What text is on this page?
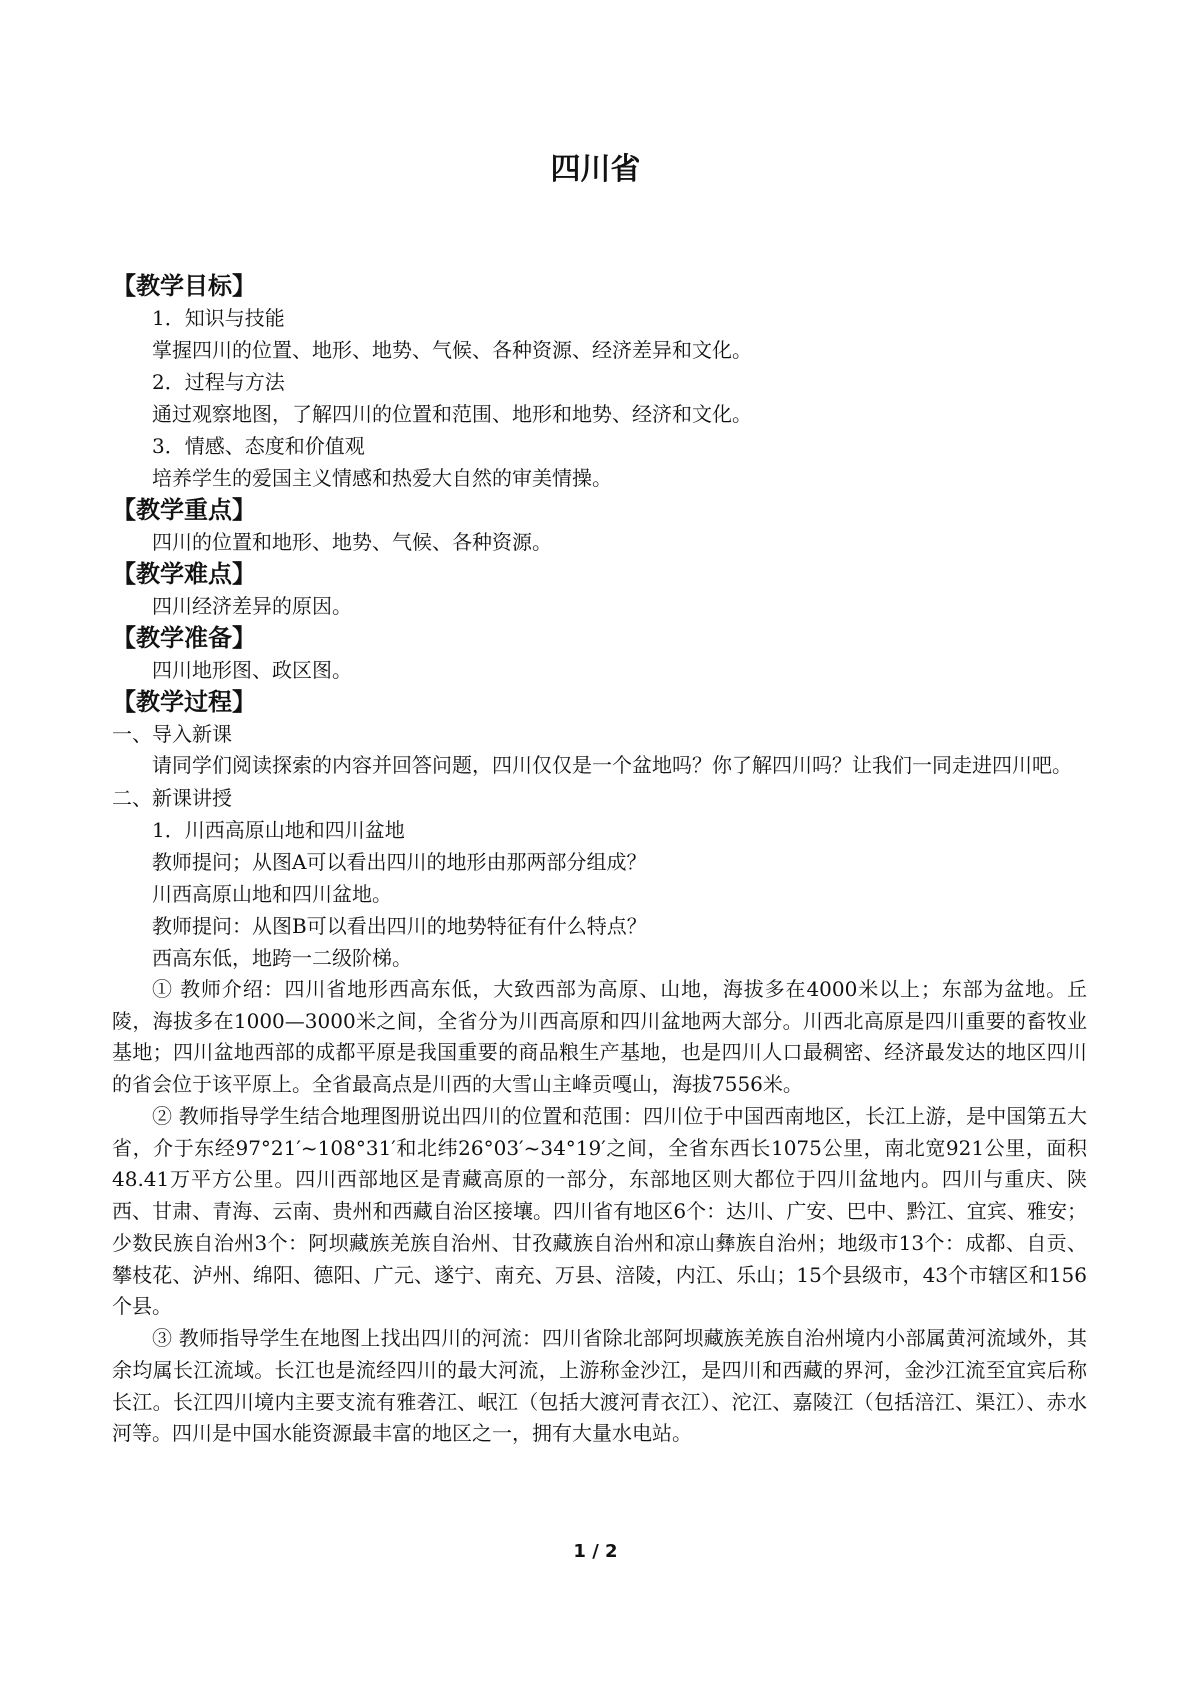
四川省
【教学目标】
1．知识与技能
掌握四川的位置、地形、地势、气候、各种资源、经济差异和文化。
2．过程与方法
通过观察地图，了解四川的位置和范围、地形和地势、经济和文化。
3．情感、态度和价值观
培养学生的爱国主义情感和热爱大自然的审美情操。
【教学重点】
四川的位置和地形、地势、气候、各种资源。
【教学难点】
四川经济差异的原因。
【教学准备】
四川地形图、政区图。
【教学过程】
一、导入新课
请同学们阅读探索的内容并回答问题，四川仅仅是一个盆地吗？你了解四川吗？让我们一同走进四川吧。
二、新课讲授
1．川西高原山地和四川盆地
教师提问；从图A可以看出四川的地形由那两部分组成？
川西高原山地和四川盆地。
教师提问：从图B可以看出四川的地势特征有什么特点？
西高东低，地跨一二级阶梯。
① 教师介绍：四川省地形西高东低，大致西部为高原、山地，海拔多在4000米以上；东部为盆地。丘陵，海拔多在1000—3000米之间，全省分为川西高原和四川盆地两大部分。川西北高原是四川重要的畜牧业基地；四川盆地西部的成都平原是我国重要的商品粮生产基地，也是四川人口最稠密、经济最发达的地区四川的省会位于该平原上。全省最高点是川西的大雪山主峰贡嘎山，海拔7556米。
② 教师指导学生结合地理图册说出四川的位置和范围：四川位于中国西南地区，长江上游，是中国第五大省，介于东经97°21′~108°31′和北纬26°03′~34°19′之间，全省东西长1075公里，南北宽921公里，面积48.41万平方公里。四川西部地区是青藏高原的一部分，东部地区则大都位于四川盆地内。四川与重庆、陕西、甘肃、青海、云南、贵州和西藏自治区接壤。四川省有地区6个：达川、广安、巴中、黔江、宜宾、雅安；少数民族自治州3个：阿坝藏族羌族自治州、甘孜藏族自治州和凉山彝族自治州；地级市13个：成都、自贡、攀枝花、泸州、绵阳、德阳、广元、遂宁、南充、万县、涪陵，内江、乐山；15个县级市，43个市辖区和156个县。
③ 教师指导学生在地图上找出四川的河流：四川省除北部阿坝藏族羌族自治州境内小部属黄河流域外，其余均属长江流域。长江也是流经四川的最大河流，上游称金沙江，是四川和西藏的界河，金沙江流至宜宾后称长江。长江四川境内主要支流有雅砻江、岷江（包括大渡河青衣江）、沱江、嘉陵江（包括涪江、渠江）、赤水河等。四川是中国水能资源最丰富的地区之一，拥有大量水电站。
1 / 2
